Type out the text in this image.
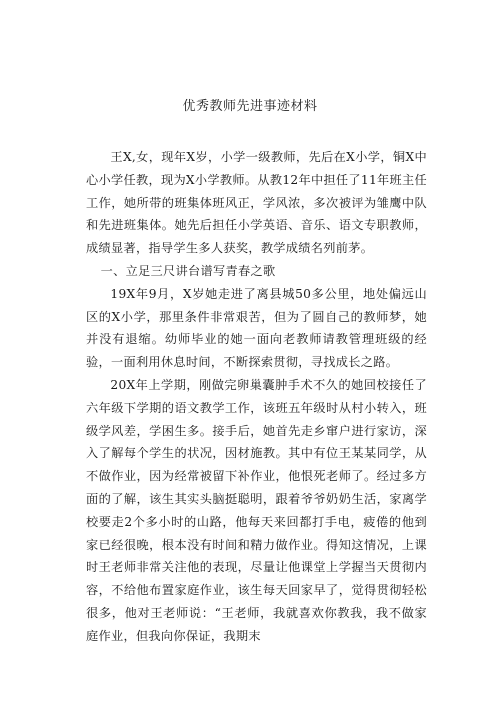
优秀教师先进事迹材料

王X,女，现年X岁，小学一级教师，先后在X小学，铜X中心小学任教，现为X小学教师。从教12年中担任了11年班主任工作，她所带的班集体班风正，学风浓，多次被评为雏鹰中队和先进班集体。她先后担任小学英语、音乐、语文专职教师，成绩显著，指导学生多人获奖，教学成绩名列前茅。

一、立足三尺讲台谱写青春之歌

19X年9月，X岁她走进了离县城50多公里，地处偏远山区的X小学，那里条件非常艰苦，但为了圆自己的教师梦，她并没有退缩。幼师毕业的她一面向老教师请教管理班级的经验，一面利用休息时间，不断探索贯彻，寻找成长之路。

20X年上学期，刚做完卵巢囊肿手术不久的她回校接任了六年级下学期的语文教学工作，该班五年级时从村小转入，班级学风差，学困生多。接手后，她首先走乡窜户进行家访，深入了解每个学生的状况，因材施教。其中有位王某某同学，从不做作业，因为经常被留下补作业，他恨死老师了。经过多方面的了解，该生其实头脑挺聪明，跟着爷爷奶奶生活，家离学校要走2个多小时的山路，他每天来回都打手电，疲倦的他到家已经很晚，根本没有时间和精力做作业。得知这情况，上课时王老师非常关注他的表现，尽量让他课堂上学握当天贯彻内容，不给他布置家庭作业，该生每天回家早了，觉得贯彻轻松很多，他对王老师说：“王老师，我就喜欢你教我，我不做家庭作业，但我向你保证，我期末
